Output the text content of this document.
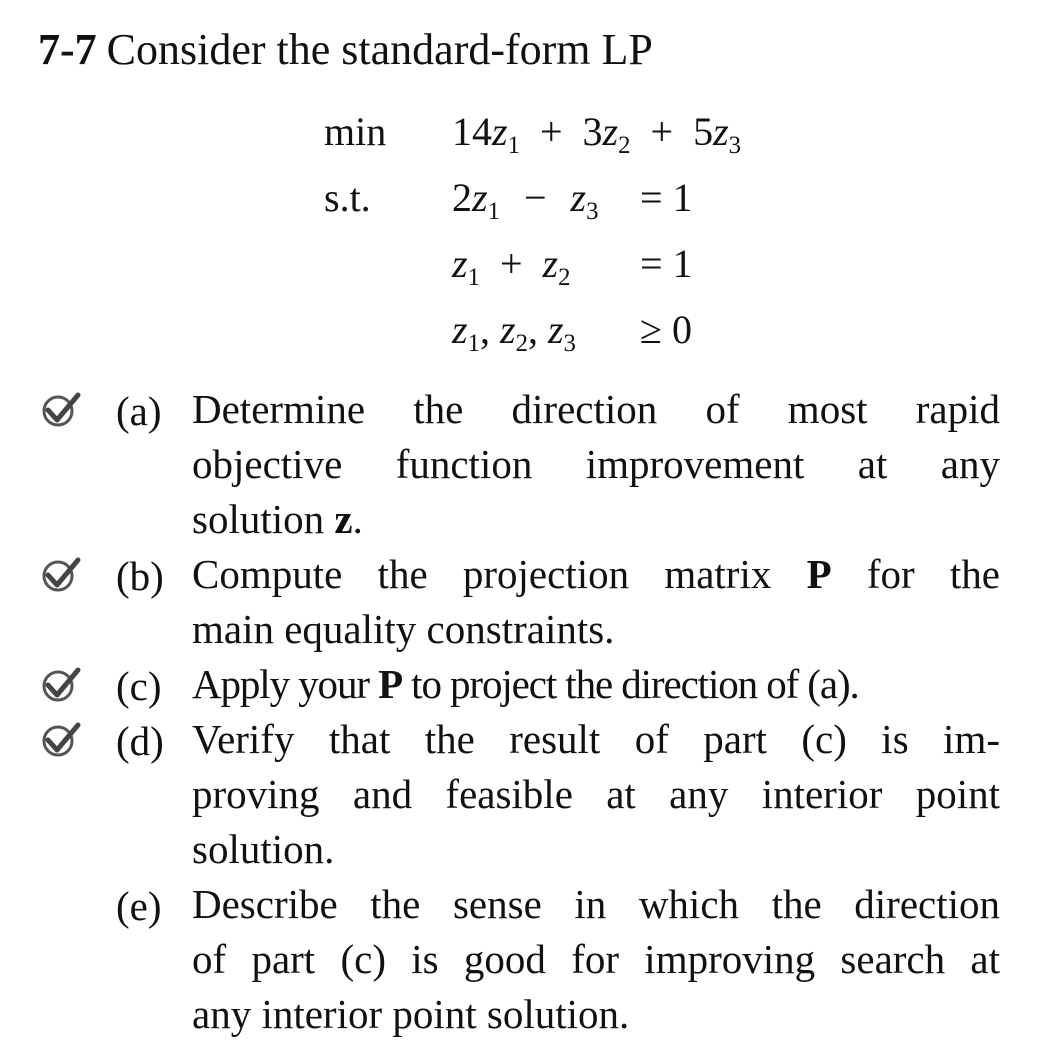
7-7 Consider the standard-form LP
min
s.t.
$14z_1 + 3z_2 + 5z_3$
$2z_1 - z_3 = 1$
$z_1 + z_2 = 1$
$z_1$, $z_2$, $z_3 \ge 0$
(a) Determine the direction of most rapid
objective function improvement at any
solution z.
(b) Compute the projection matrix P for the
main equality constraints.
(c) Apply your P to project the direction of (a).
(d) Verify that the result of part (c) is im-
proving and feasible at any interior point
solution.
(e) Describe the sense in which the direction
of part (c) is good for improving search at
any interior point solution.
